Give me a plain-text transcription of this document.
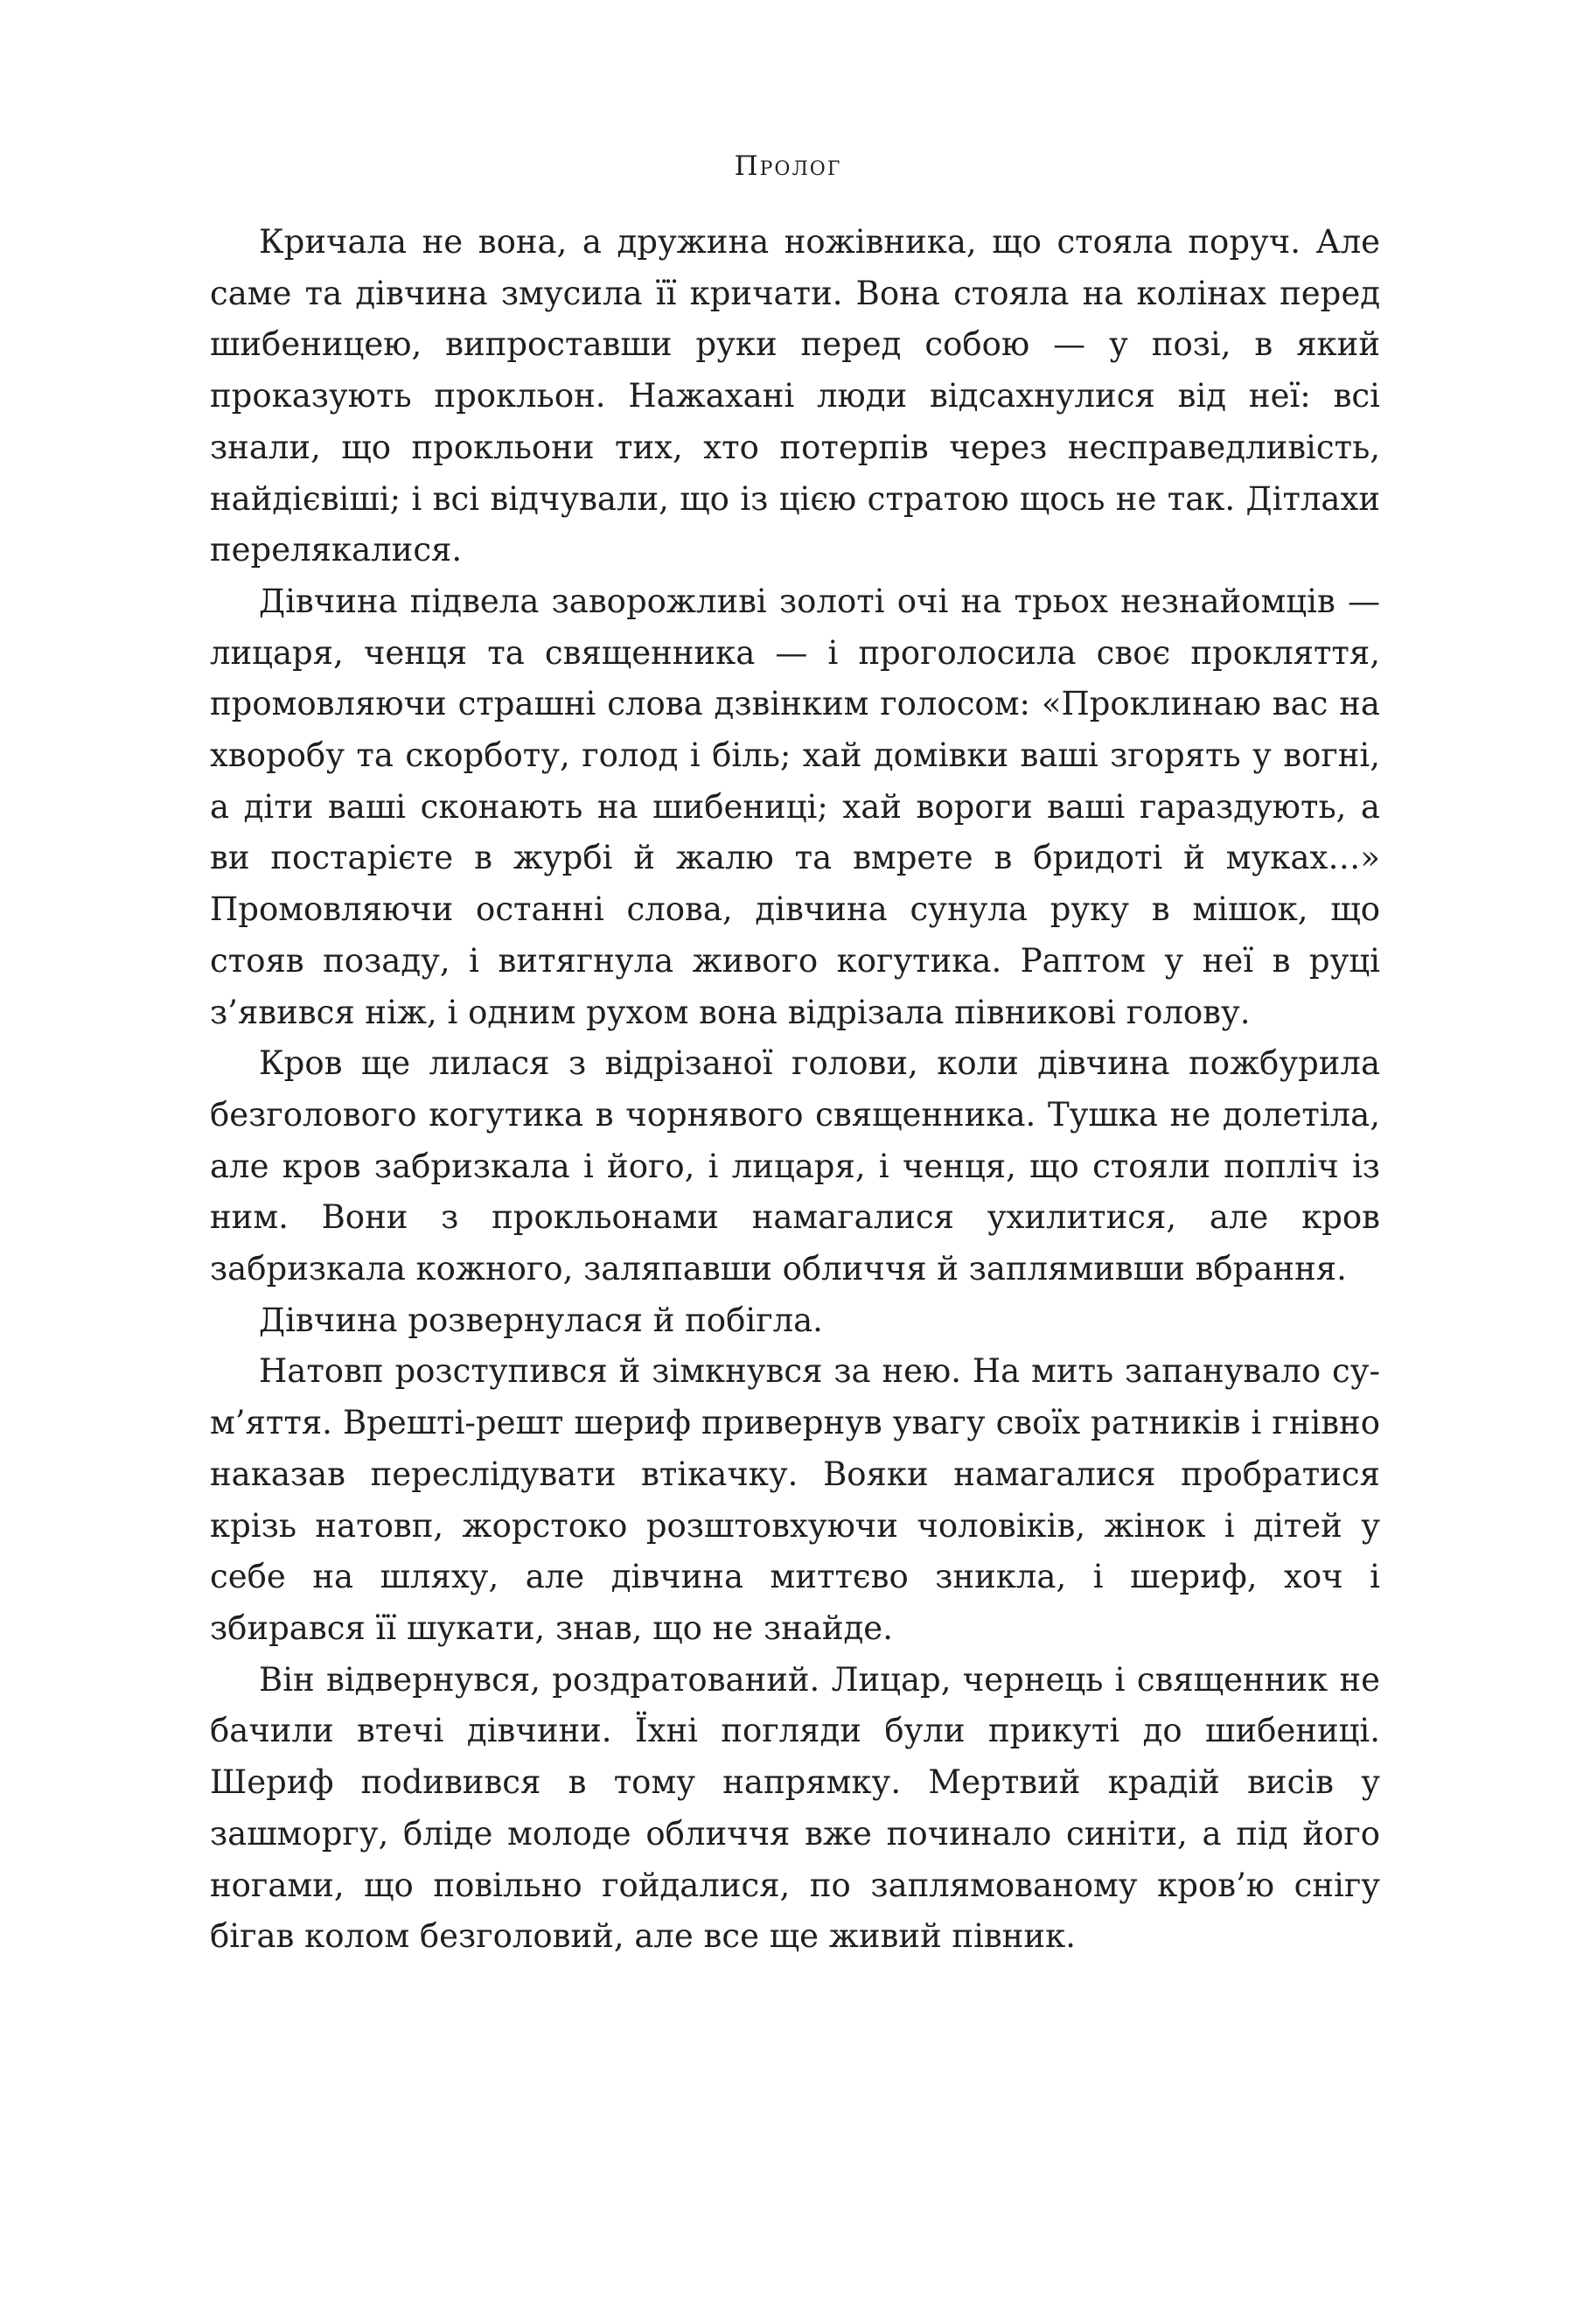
Пролог

Кричала не вона, а дружина ножівника, що стояла поруч. Але саме та дівчина змусила її кричати. Вона стояла на колінах перед шибеницею, випроставши руки перед собою — у позі, в який проказують прокльон. Нажахані люди відсахнулися від неї: всі знали, що прокльони тих, хто потерпів через несправедливість, найдієвіші; і всі відчували, що із цією стратою щось не так. Дітлахи перелякалися.

Дівчина підвела заворожливі золоті очі на трьох незнайомців — лицаря, ченця та священника — і проголосила своє прокляття, промовляючи страшні слова дзвінким голосом: «Проклинаю вас на хворобу та скорботу, голод і біль; хай домівки ваші згорять у вогні, а діти ваші сконають на шибениці; хай вороги ваші гараздують, а ви постарієте в журбі й жалю та вмрете в бридоті й муках…» Промовляючи останні слова, дівчина сунула руку в мішок, що стояв позаду, і витягнула живого когутика. Раптом у неї в руці з’явився ніж, і одним рухом вона відрізала півникові голову.

Кров ще лилася з відрізаної голови, коли дівчина пожбурила безголового когутика в чорнявого священника. Тушка не долетіла, але кров забризкала і його, і лицаря, і ченця, що стояли попліч із ним. Вони з прокльонами намагалися ухилитися, але кров забризкала кожного, заляпавши обличчя й заплямивши вбрання.

Дівчина розвернулася й побігла.

Натовп розступився й зімкнувся за нею. На мить запанувало сум’яття. Врешті-решт шериф привернув увагу своїх ратників і гнівно наказав переслідувати втікачку. Вояки намагалися пробратися крізь натовп, жорстоко розштовхуючи чоловіків, жінок і дітей у себе на шляху, але дівчина миттєво зникла, і шериф, хоч і збирався її шукати, знав, що не знайде.

Він відвернувся, роздратований. Лицар, чернець і священник не бачили втечі дівчини. Їхні погляди були прикуті до шибениці. Шериф поdивився в тому напрямку. Мертвий крадій висів у зашморгу, бліде молоде обличчя вже починало синіти, а під його ногами, що повільно гойдалися, по заплямованому кров’ю снігу бігав колом безголовий, але все ще живий півник.
